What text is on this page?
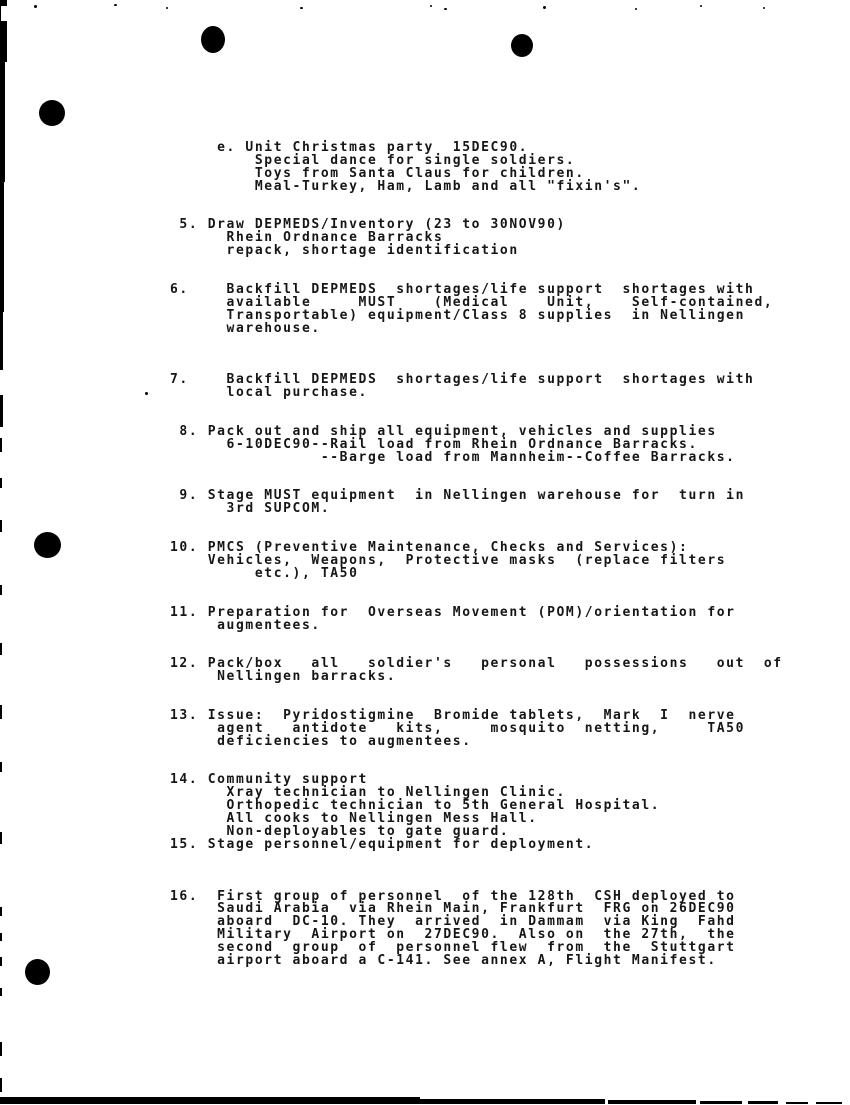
e. Unit Christmas party  15DEC90.
Special dance for single soldiers.
Toys from Santa Claus for children.
Meal-Turkey, Ham, Lamb and all "fixin's".

5. Draw DEPMEDS/Inventory (23 to 30NOV90)
Rhein Ordnance Barracks
repack, shortage identification

6.    Backfill DEPMEDS  shortages/life support  shortages with
available     MUST    (Medical    Unit,    Self-contained,
Transportable) equipment/Class 8 supplies  in Nellingen
warehouse.

7.    Backfill DEPMEDS  shortages/life support  shortages with
local purchase.

8. Pack out and ship all equipment, vehicles and supplies
6-10DEC90--Rail load from Rhein Ordnance Barracks.
--Barge load from Mannheim--Coffee Barracks.

9. Stage MUST equipment  in Nellingen warehouse for  turn in
3rd SUPCOM.

10. PMCS (Preventive Maintenance, Checks and Services):
Vehicles,  Weapons,  Protective masks  (replace filters
etc.), TA50

11. Preparation for  Overseas Movement (POM)/orientation for
augmentees.

12. Pack/box   all   soldier's   personal   possessions   out  of
Nellingen barracks.

13. Issue:  Pyridostigmine  Bromide tablets,  Mark  I  nerve
agent   antidote   kits,     mosquito  netting,     TA50
deficiencies to augmentees.

14. Community support
Xray technician to Nellingen Clinic.
Orthopedic technician to 5th General Hospital.
All cooks to Nellingen Mess Hall.
Non-deployables to gate guard.
15. Stage personnel/equipment for deployment.

16.  First group of personnel  of the 128th  CSH deployed to
Saudi Arabia  via Rhein Main, Frankfurt  FRG on 26DEC90
aboard  DC-10. They  arrived  in Dammam  via King  Fahd
Military  Airport on  27DEC90.  Also on  the 27th,  the
second  group  of  personnel flew  from  the  Stuttgart
airport aboard a C-141. See annex A, Flight Manifest.
